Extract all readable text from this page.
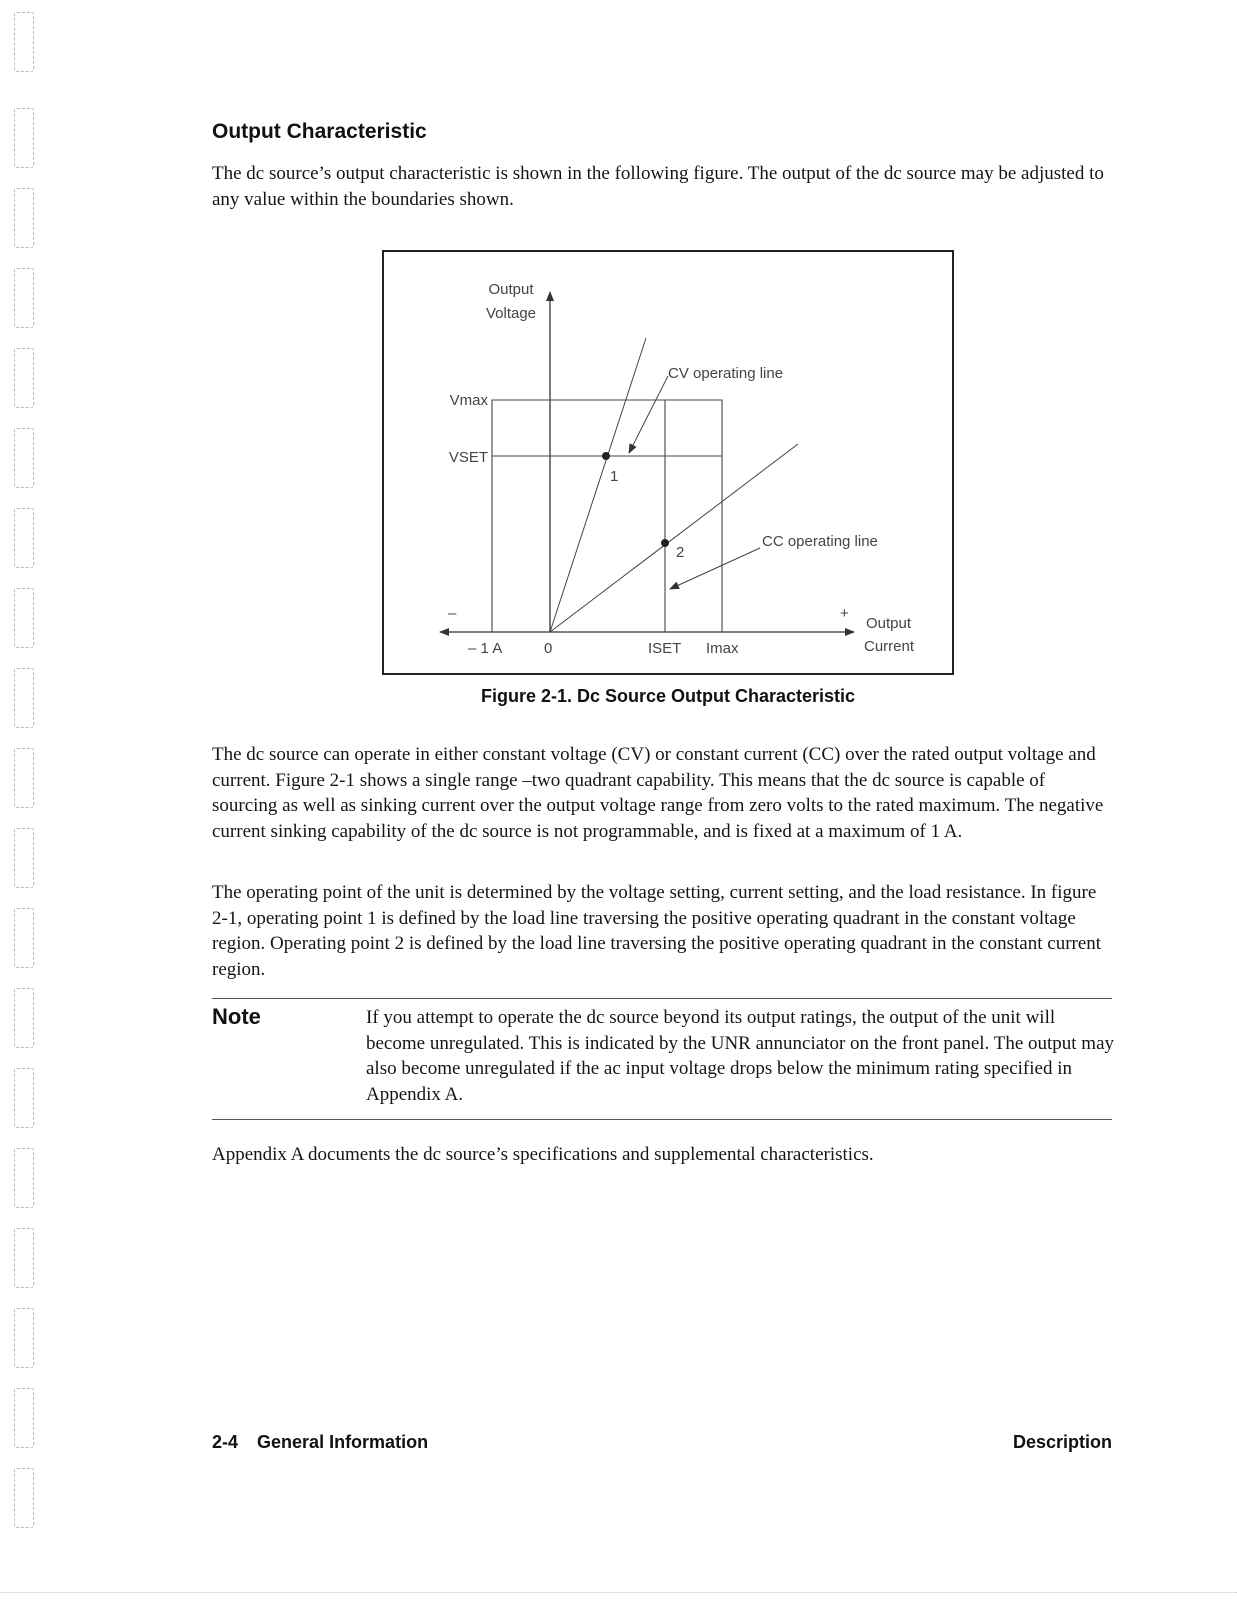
Output Characteristic

The dc source’s output characteristic is shown in the following figure. The output of the dc source may be adjusted to any value within the boundaries shown.

Output
Voltage
Vmax
VSET
CV operating line
1
2
CC operating line
–	+
Output
Current
– 1 A	0	ISET Imax

Figure 2-1. Dc Source Output Characteristic

The dc source can operate in either constant voltage (CV) or constant current (CC) over the rated output voltage and current. Figure 2-1 shows a single range –two quadrant capability. This means that the dc source is capable of sourcing as well as sinking current over the output voltage range from zero volts to the rated maximum. The negative current sinking capability of the dc source is not programmable, and is fixed at a maximum of 1 A.

The operating point of the unit is determined by the voltage setting, current setting, and the load resistance. In figure 2-1, operating point 1 is defined by the load line traversing the positive operating quadrant in the constant voltage region. Operating point 2 is defined by the load line traversing the positive operating quadrant in the constant current region.

Note	If you attempt to operate the dc source beyond its output ratings, the output of the unit will become unregulated. This is indicated by the UNR annunciator on the front panel. The output may also become unregulated if the ac input voltage drops below the minimum rating specified in Appendix A.

Appendix A documents the dc source’s specifications and supplemental characteristics.

2-4 General Information	Description
